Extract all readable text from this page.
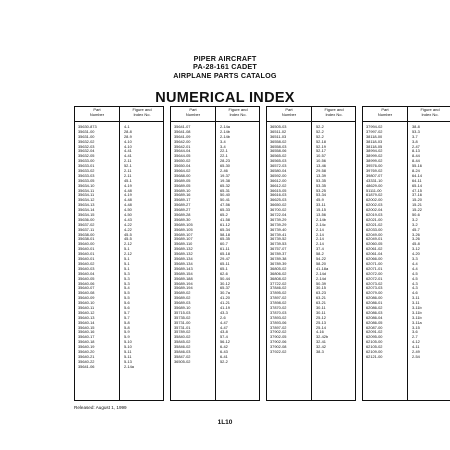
PIPER AIRCRAFT
PA-28-161 CADET
AIRPLANE PARTS CATALOG
NUMERICAL INDEX
Part
Number
Figure and
Index No.
35630-873	4-1
35631-00	28-8
35631-00	28-9
35632-02	4-10
35632-03	4-10
35632-04	4-41
35632-05	4-41
35633-00	2-11
35633-01	52-1
35633-02	2-11
35633-03	2-11
35633-05	45-1
35634-10	4-19
35634-11	4-48
35634-11	4-19
35634-12	4-48
35634-13	4-48
35634-14	4-50
35634-15	4-50
35636-00	4-43
35637-02	4-22
35637-11	4-22
35638-00	45-5
35638-01	45-5
35640-00	2-12
35640-01	5-1
35640-01	2-12
35640-01	5-1
35640-02	5-1
35640-03	5-1
35640-04	5-3
35640-05	5-3
35640-06	5-3
35640-07	5-4
35640-08	5-5
35640-09	5-5
35640-10	5-6
35640-11	5-6
35640-12	5-7
35640-13	5-7
35640-14	5-8
35640-15	5-8
35640-16	5-9
35640-17	5-9
35640-18	5-10
35640-19	5-10
35640-20	5-11
35640-21	5-11
35640-22	5-13
35641-06	2-14a
Part
Number
Figure and
Index No.
35641-07	2-14a
35641-08	2-14b
35641-09	2-14b
35642-00	3-4
35642-01	3-4
35644-04	22-1
35644-05	22-1
35650-02	28-23
35650-04	65-30
35664-02	2-46
35688-00	19-37
35689-05	19-38
35689-05	65-32
35689-10	65-31
35689-16	50-40
35689-17	50-41
35689-27	47-56
35689-27	65-33
35689-28	65-2
35689-30	41-58
35689-105	61-12
35689-105	65-34
35689-107	58-18
35689-107	65-35
35689-110	60-7
35689-132	61-11
35689-132	65-18
35689-134	29-47
35689-134	65-11
35689-143	65-1
35689-154	62-6
35689-188	50-44
35689-194	30-12
35689-194	65-37
35689-02	30-7a
35689-02	41-20
35689-03	41-21
35689-10	41-19
35715-03	43-3
35735-02	2-6
35731-00	4-47
35731-01	4-47
35789-02	43-8
35840-02	57-4
35845-02	56-12
35846-02	6-42
35846-03	6-43
35847-02	6-41
36505-02	52-2
Part
Number
Figure and
Index No.
36505-03	52-2
36511-02	52-2
36511-03	52-2
36558-02	52-18
36558-03	52-19
36558-06	52-17
36565-02	10-57
36565-03	10-56
36572-03	13-46
36580-04	29-58
36592-00	13-39
36612-00	53-35
36612-02	53-35
36615-05	53-25
36616-03	53-34
36625-03	45-9
36650-02	33-11
36700-02	15-15
36722-04	13-56
36739-29	2-14b
36739-29	2-14c
36739-40	2-14
36739-41	2-14
36739-52	2-14
36739-53	2-14
36757-07	37-4
36789-37	58-2
36789-38	54-22
36789-39	58-20
36805-02	41-18a
36806-02	2-14d
36808-02	2-14d
37722-02	50-39
37846-02	30-15
37895-02	63-23
37897-02	63-21
37898-02	63-21
37870-02	30-11
37870-03	30-11
37893-02	25-12
37893-06	25-13
37897-02	25-14
37902-02	4-16
37902-05	32-42b
37902-06	32-41
37902-08	32-42
37922-02	38-3
Part
Number
Figure and
Index No.
37994-02	38-8
37997-02	53-3
38118-00	3-7
38118-03	3-8
38118-05	2-47
38994-02	8-13
38999-02	8-44
38999-02	8-44
39576-00	55-16
39769-02	8-24
39807-07	64-14
43331-10	64-11
48629-00	65-14
51111-00	47-15
61879-02	37-16
62002-00	15-20
62002-03	15-21
62002-04	15-22
62019-03	50-6
62021-00	3-2
62021-02	3-2
62033-00	45-7
62049-00	3-26
62049-01	3-26
62060-05	45-8
62061-02	3-12
62061-04	4-20
62066-00	3-3
62071-00	4-4
62071-01	4-4
62072-00	4-5
62072-01	4-5
62073-02	4-3
62073-03	4-3
62079-00	4-6
62086-00	3-11
62086-01	3-11
62086-02	3-11b
62086-03	3-11b
62086-04	3-11b
62086-05	3-11a
62087-00	3-15
62091-02	3-6
62095-00	2-7
62105-00	4-12
62105-02	4-11
62109-00	2-49
62121-00	2-54
Released: August 1, 1999
1L10
